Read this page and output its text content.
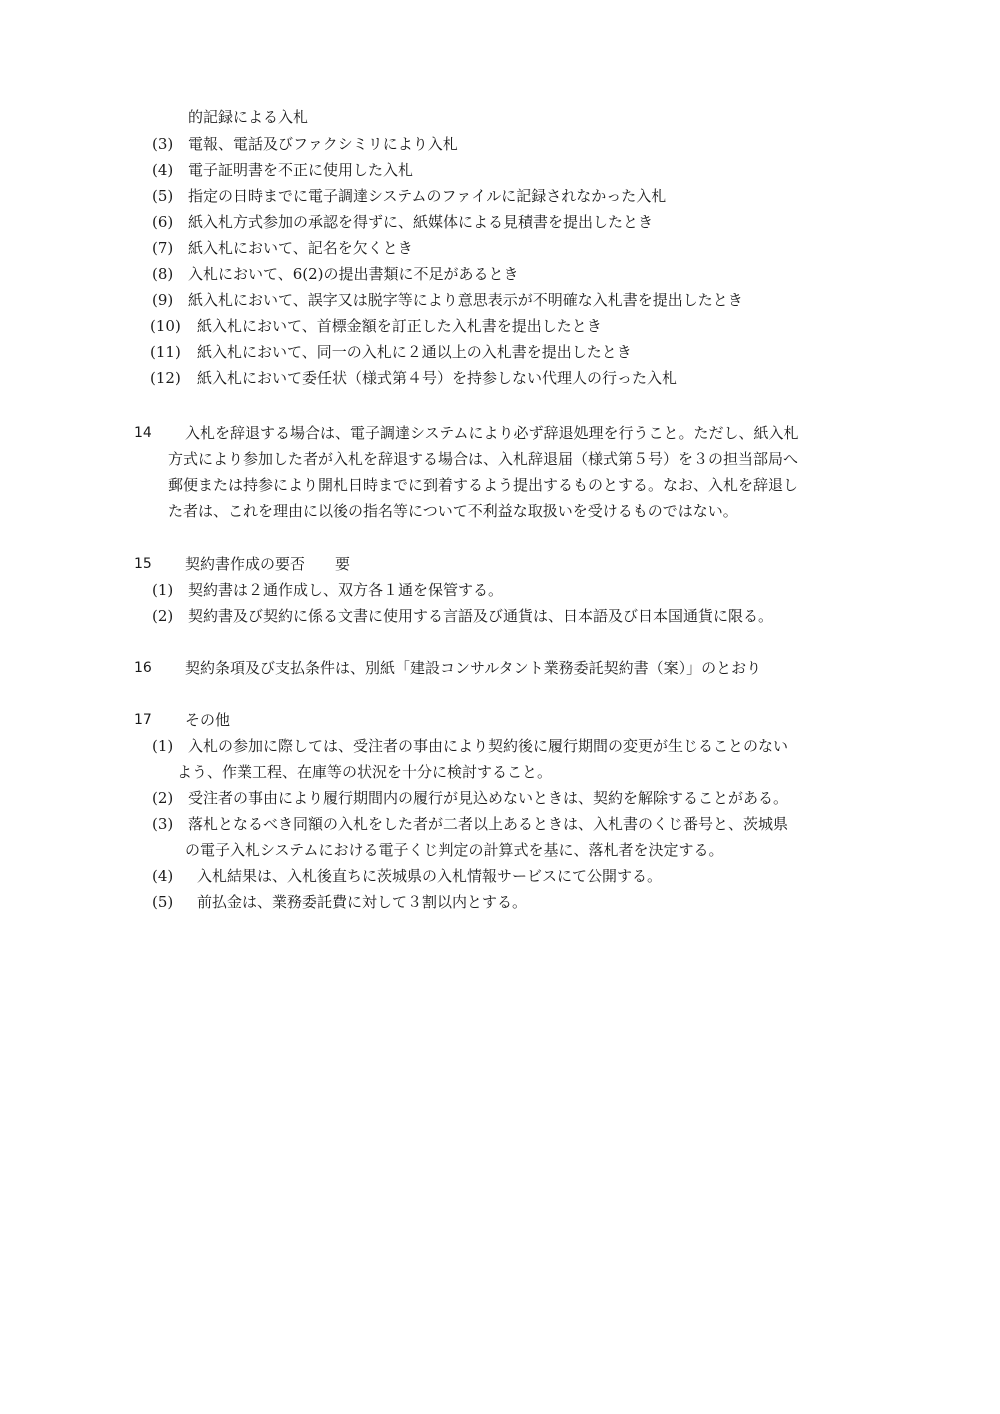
的記録による入札
(3) 電報、電話及びファクシミリにより入札
(4) 電子証明書を不正に使用した入札
(5) 指定の日時までに電子調達システムのファイルに記録されなかった入札
(6) 紙入札方式参加の承認を得ずに、紙媒体による見積書を提出したとき
(7) 紙入札において、記名を欠くとき
(8) 入札において、6(2)の提出書類に不足があるとき
(9) 紙入札において、誤字又は脱字等により意思表示が不明確な入札書を提出したとき
(10) 紙入札において、首標金額を訂正した入札書を提出したとき
(11) 紙入札において、同一の入札に２通以上の入札書を提出したとき
(12) 紙入札において委任状（様式第４号）を持参しない代理人の行った入札
14 入札を辞退する場合は、電子調達システムにより必ず辞退処理を行うこと。ただし、紙入札
方式により参加した者が入札を辞退する場合は、入札辞退届（様式第５号）を３の担当部局へ
郵便または持参により開札日時までに到着するよう提出するものとする。なお、入札を辞退し
た者は、これを理由に以後の指名等について不利益な取扱いを受けるものではない。
15 契約書作成の要否　　要
(1) 契約書は２通作成し、双方各１通を保管する。
(2) 契約書及び契約に係る文書に使用する言語及び通貨は、日本語及び日本国通貨に限る。
16 契約条項及び支払条件は、別紙「建設コンサルタント業務委託契約書（案）」のとおり
17 その他
(1) 入札の参加に際しては、受注者の事由により契約後に履行期間の変更が生じることのない
よう、作業工程、在庫等の状況を十分に検討すること。
(2) 受注者の事由により履行期間内の履行が見込めないときは、契約を解除することがある。
(3) 落札となるべき同額の入札をした者が二者以上あるときは、入札書のくじ番号と、茨城県
の電子入札システムにおける電子くじ判定の計算式を基に、落札者を決定する。
(4) 入札結果は、入札後直ちに茨城県の入札情報サービスにて公開する。
(5) 前払金は、業務委託費に対して３割以内とする。
